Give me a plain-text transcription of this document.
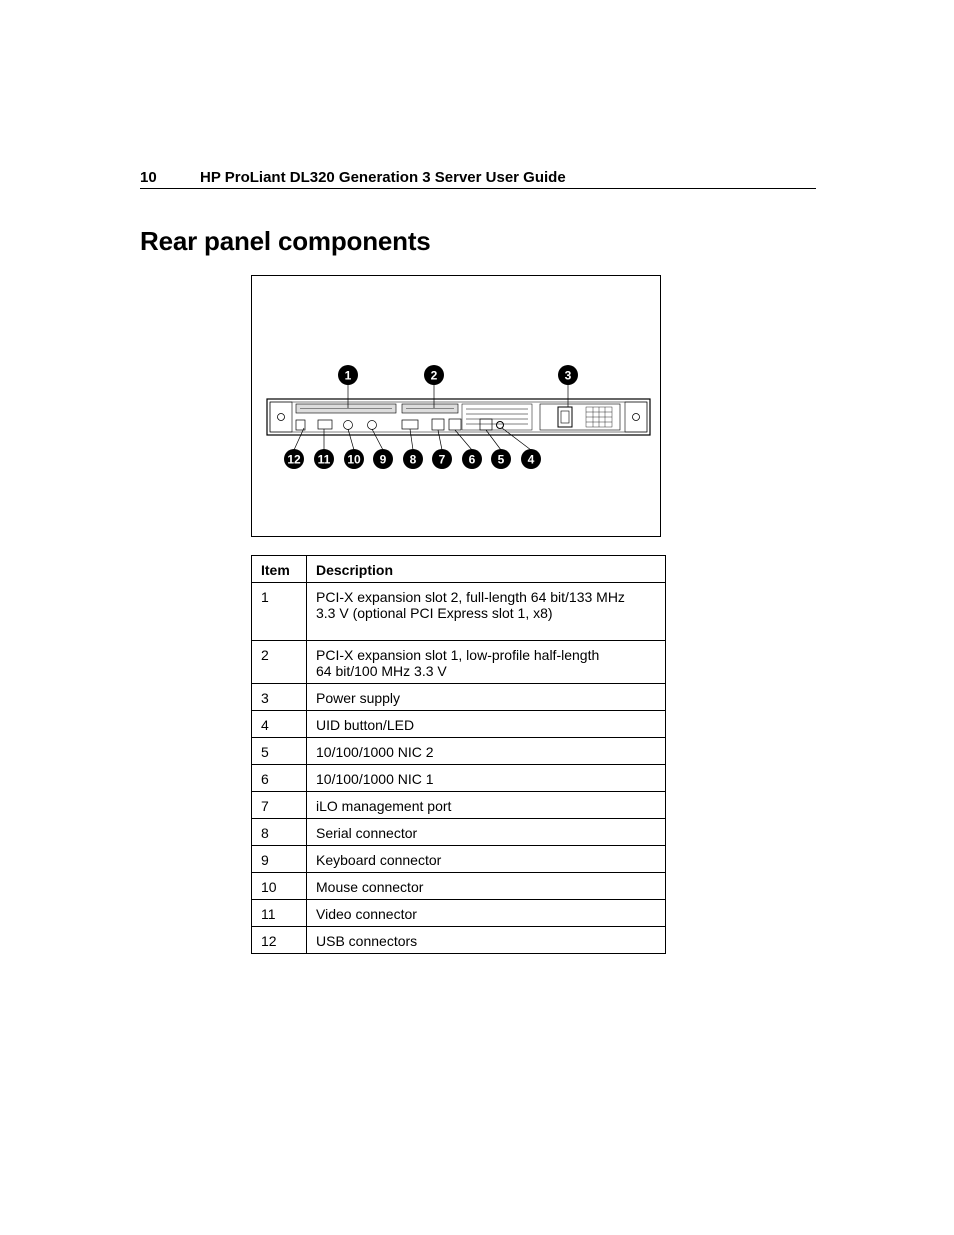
10	HP ProLiant DL320 Generation 3 Server User Guide
Rear panel components
1	2	3
12 11 10 9 8 7 6 5 4
Item	Description
1	PCI-X expansion slot 2, full-length 64 bit/133 MHz
3.3 V (optional PCI Express slot 1, x8)

2	PCI-X expansion slot 1, low-profile half-length
64 bit/100 MHz 3.3 V

3	Power supply
4	UID button/LED
5	10/100/1000 NIC 2
6	10/100/1000 NIC 1
7	iLO management port
8	Serial connector
9	Keyboard connector
10	Mouse connector
11	Video connector
12	USB connectors
